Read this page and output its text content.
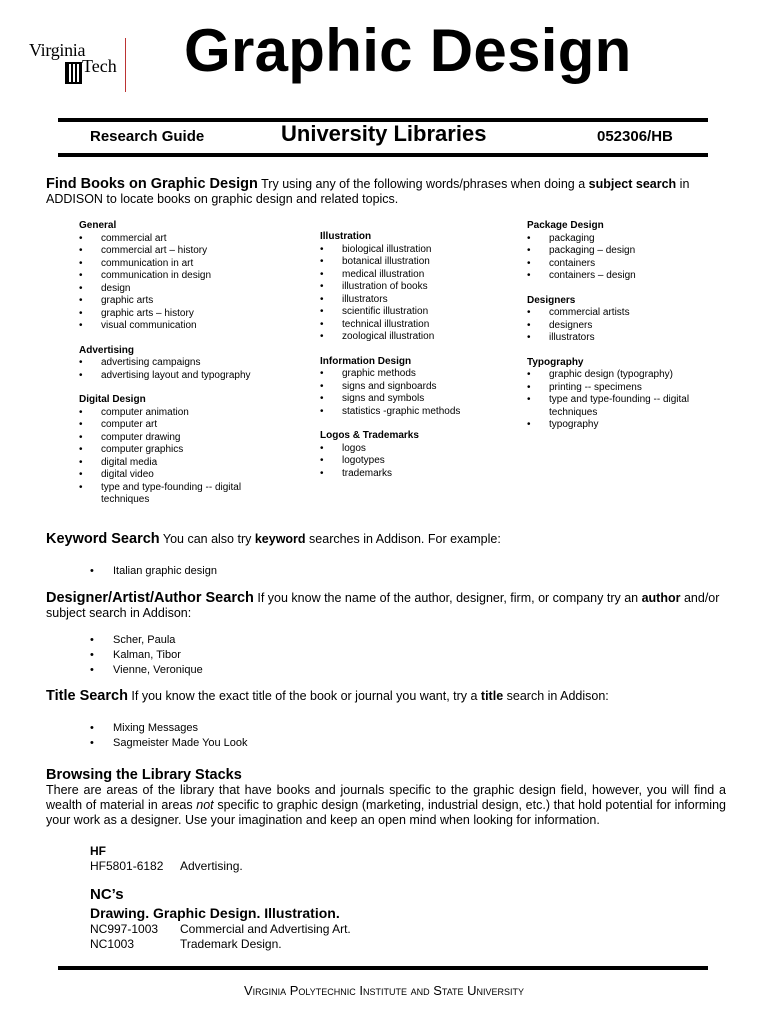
Virginia
Tech Graphic Design
Research Guide	University Libraries	052306/HB
Find Books on Graphic Design Try using any of the following words/phrases when doing a subject search in ADDISON to locate books on graphic design and related topics.
General
• commercial art
• commercial art – history
• communication in art
• communication in design
• design
• graphic arts
• graphic arts – history
• visual communication
Advertising
• advertising campaigns
• advertising layout and typography
Digital Design
• computer animation
• computer art
• computer drawing
• computer graphics
• digital media
• digital video
• type and type-founding -- digital techniques
Illustration
• biological illustration
• botanical illustration
• medical illustration
• illustration of books
• illustrators
• scientific illustration
• technical illustration
• zoological illustration
Information Design
• graphic methods
• signs and signboards
• signs and symbols
• statistics -graphic methods
Logos & Trademarks
• logos
• logotypes
• trademarks
Package Design
• packaging
• packaging – design
• containers
• containers – design
Designers
• commercial artists
• designers
• illustrators
Typography
• graphic design (typography)
• printing -- specimens
• type and type-founding -- digital techniques
• typography
Keyword Search You can also try keyword searches in Addison. For example:
• Italian graphic design
Designer/Artist/Author Search If you know the name of the author, designer, firm, or company try an author and/or subject search in Addison:
• Scher, Paula
• Kalman, Tibor
• Vienne, Veronique
Title Search If you know the exact title of the book or journal you want, try a title search in Addison:
• Mixing Messages
• Sagmeister Made You Look
Browsing the Library Stacks
There are areas of the library that have books and journals specific to the graphic design field, however, you will find a wealth of material in areas not specific to graphic design (marketing, industrial design, etc.) that hold potential for informing your work as a designer. Use your imagination and keep an open mind when looking for information.
HF
HF5801-6182 Advertising.
NC’s
Drawing. Graphic Design. Illustration.
NC997-1003 Commercial and Advertising Art.
NC1003	Trademark Design.
Virginia Polytechnic Institute and State University
